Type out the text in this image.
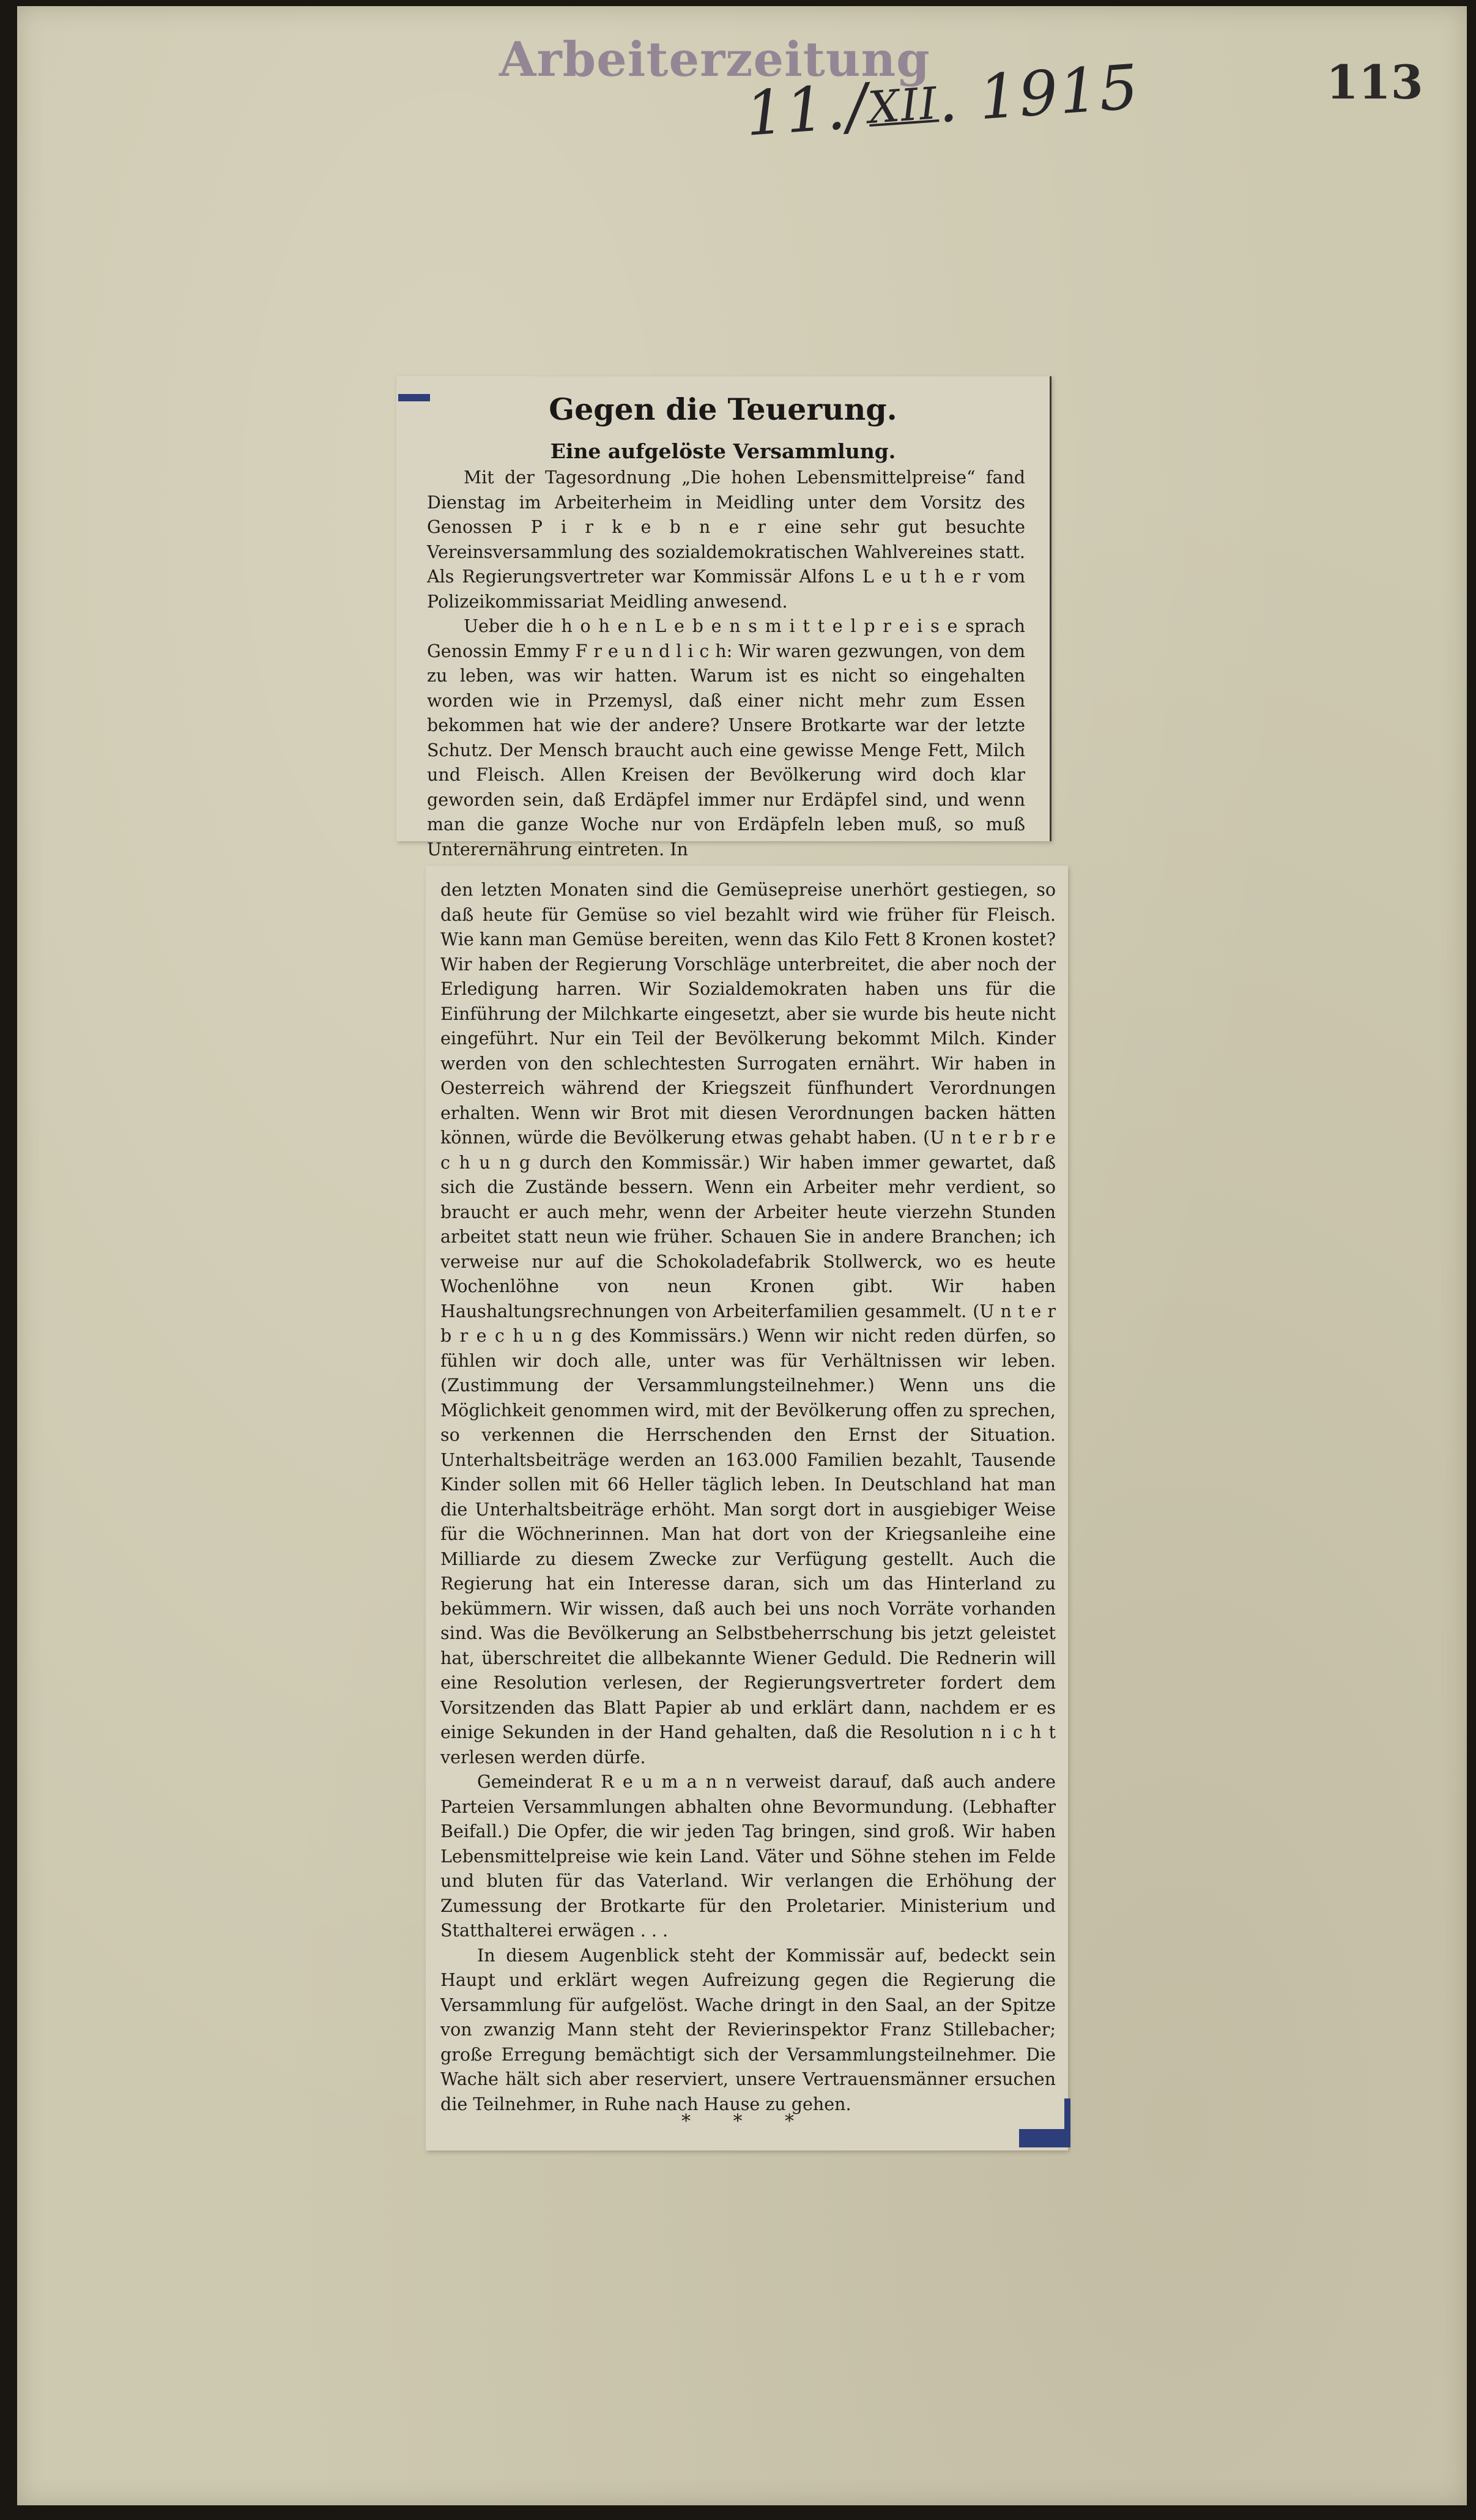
Arbeiterzeitung	113
11./XII. 1915
Gegen die Teuerung.
Eine aufgelöste Versammlung.

Mit der Tagesordnung „Die hohen Lebensmittelpreise“ fand Dienstag im Arbeiterheim in Meidling unter dem Vorsitz des Genossen P i r k e b n e r eine sehr gut besuchte Vereinsversammlung des sozialdemokratischen Wahlvereines statt. Als Regierungsvertreter war Kommissär Alfons L e u t h e r vom Polizeikommissariat Meidling anwesend.

Ueber die h o h e n L e b e n s m i t t e l p r e i s e sprach Genossin Emmy F r e u n d l i c h: Wir waren gezwungen, von dem zu leben, was wir hatten. Warum ist es nicht so eingehalten worden wie in Przemysl, daß einer nicht mehr zum Essen bekommen hat wie der andere? Unsere Brotkarte war der letzte Schutz. Der Mensch braucht auch eine gewisse Menge Fett, Milch und Fleisch. Allen Kreisen der Bevölkerung wird doch klar geworden sein, daß Erdäpfel immer nur Erdäpfel sind, und wenn man die ganze Woche nur von Erdäpfeln leben muß, so muß Unterernährung eintreten. In

den letzten Monaten sind die Gemüsepreise unerhört gestiegen, so daß heute für Gemüse so viel bezahlt wird wie früher für Fleisch. Wie kann man Gemüse bereiten, wenn das Kilo Fett 8 Kronen kostet? Wir haben der Regierung Vorschläge unterbreitet, die aber noch der Erledigung harren. Wir Sozialdemokraten haben uns für die Einführung der Milchkarte eingesetzt, aber sie wurde bis heute nicht eingeführt. Nur ein Teil der Bevölkerung bekommt Milch. Kinder werden von den schlechtesten Surrogaten ernährt. Wir haben in Oesterreich während der Kriegszeit fünfhundert Verordnungen erhalten. Wenn wir Brot mit diesen Verordnungen backen hätten können, würde die Bevölkerung etwas gehabt haben. (U n t e r b r e c h u n g durch den Kommissär.) Wir haben immer gewartet, daß sich die Zustände bessern. Wenn ein Arbeiter mehr verdient, so braucht er auch mehr, wenn der Arbeiter heute vierzehn Stunden arbeitet statt neun wie früher. Schauen Sie in andere Branchen; ich verweise nur auf die Schokoladefabrik Stollwerck, wo es heute Wochenlöhne von neun Kronen gibt. Wir haben Haushaltungsrechnungen von Arbeiterfamilien gesammelt. (U n t e r b r e c h u n g des Kommissärs.) Wenn wir nicht reden dürfen, so fühlen wir doch alle, unter was für Verhältnissen wir leben. (Zustimmung der Versammlungsteilnehmer.) Wenn uns die Möglichkeit genommen wird, mit der Bevölkerung offen zu sprechen, so verkennen die Herrschenden den Ernst der Situation. Unterhaltsbeiträge werden an 163.000 Familien bezahlt, Tausende Kinder sollen mit 66 Heller täglich leben. In Deutschland hat man die Unterhaltsbeiträge erhöht. Man sorgt dort in ausgiebiger Weise für die Wöchnerinnen. Man hat dort von der Kriegsanleihe eine Milliarde zu diesem Zwecke zur Verfügung gestellt. Auch die Regierung hat ein Interesse daran, sich um das Hinterland zu bekümmern. Wir wissen, daß auch bei uns noch Vorräte vorhanden sind. Was die Bevölkerung an Selbstbeherrschung bis jetzt geleistet hat, überschreitet die allbekannte Wiener Geduld. Die Rednerin will eine Resolution verlesen, der Regierungsvertreter fordert dem Vorsitzenden das Blatt Papier ab und erklärt dann, nachdem er es einige Sekunden in der Hand gehalten, daß die Resolution n i c h t verlesen werden dürfe.

Gemeinderat R e u m a n n verweist darauf, daß auch andere Parteien Versammlungen abhalten ohne Bevormundung. (Lebhafter Beifall.) Die Opfer, die wir jeden Tag bringen, sind groß. Wir haben Lebensmittelpreise wie kein Land. Väter und Söhne stehen im Felde und bluten für das Vaterland. Wir verlangen die Erhöhung der Zumessung der Brotkarte für den Proletarier. Ministerium und Statthalterei erwägen . . .

In diesem Augenblick steht der Kommissär auf, bedeckt sein Haupt und erklärt wegen Aufreizung gegen die Regierung die Versammlung für aufgelöst. Wache dringt in den Saal, an der Spitze von zwanzig Mann steht der Revierinspektor Franz Stillebacher; große Erregung bemächtigt sich der Versammlungsteilnehmer. Die Wache hält sich aber reserviert, unsere Vertrauensmänner ersuchen die Teilnehmer, in Ruhe nach Hause zu gehen.

* * *
